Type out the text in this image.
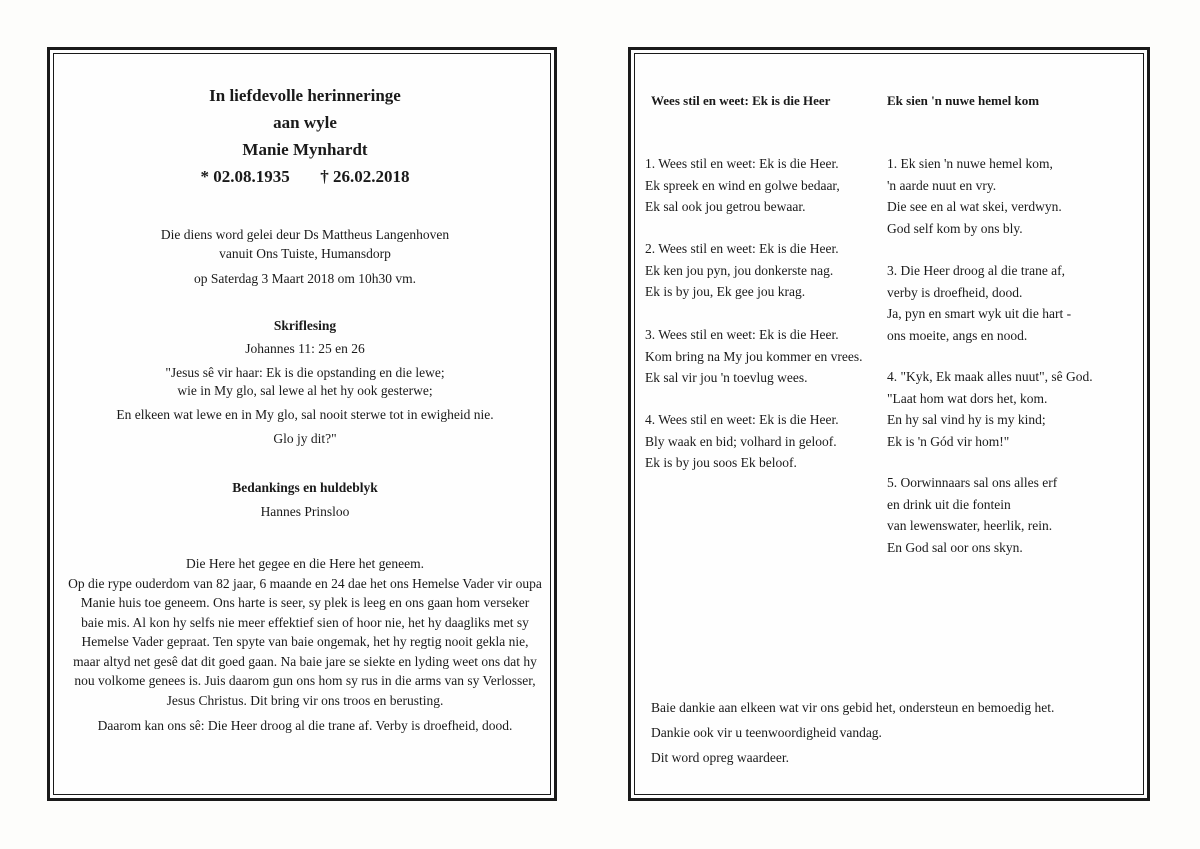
In liefdevolle herinneringe
aan wyle
Manie Mynhardt
* 02.08.1935 † 26.02.2018
Die diens word gelei deur Ds Mattheus Langenhoven
vanuit Ons Tuiste, Humansdorp
op Saterdag 3 Maart 2018 om 10h30 vm.
Skriflesing

Johannes 11: 25 en 26

"Jesus sê vir haar: Ek is die opstanding en die lewe;
wie in My glo, sal lewe al het hy ook gesterwe;

En elkeen wat lewe en in My glo, sal nooit sterwe tot in ewigheid nie.

Glo jy dit?"

Bedankings en huldeblyk
Hannes Prinsloo

Die Here het gegee en die Here het geneem.
Op die rype ouderdom van 82 jaar, 6 maande en 24 dae het ons Hemelse Vader vir oupa Manie huis toe geneem. Ons harte is seer, sy plek is leeg en ons gaan hom verseker baie mis. Al kon hy selfs nie meer effektief sien of hoor nie, het hy daagliks met sy Hemelse Vader gepraat. Ten spyte van baie ongemak, het hy regtig nooit gekla nie, maar altyd net gesê dat dit goed gaan. Na baie jare se siekte en lyding weet ons dat hy nou volkome genees is. Juis daarom gun ons hom sy rus in die arms van sy Verlosser, Jesus Christus. Dit bring vir ons troos en berusting.

Daarom kan ons sê: Die Heer droog al die trane af. Verby is droefheid, dood.

Wees stil en weet: Ek is die Heer	Ek sien 'n nuwe hemel kom
1. Wees stil en weet: Ek is die Heer.
Ek spreek en wind en golwe bedaar,
Ek sal ook jou getrou bewaar.
2. Wees stil en weet: Ek is die Heer.
Ek ken jou pyn, jou donkerste nag.
Ek is by jou, Ek gee jou krag.
3. Wees stil en weet: Ek is die Heer.
Kom bring na My jou kommer en vrees.
Ek sal vir jou 'n toevlug wees.
4. Wees stil en weet: Ek is die Heer.
Bly waak en bid; volhard in geloof.
Ek is by jou soos Ek beloof.
1. Ek sien 'n nuwe hemel kom,
'n aarde nuut en vry.
Die see en al wat skei, verdwyn.
God self kom by ons bly.
3. Die Heer droog al die trane af,
verby is droefheid, dood.
Ja, pyn en smart wyk uit die hart -
ons moeite, angs en nood.
4. "Kyk, Ek maak alles nuut", sê God.
"Laat hom wat dors het, kom.
En hy sal vind hy is my kind;
Ek is 'n Gód vir hom!"
5. Oorwinnaars sal ons alles erf
en drink uit die fontein
van lewenswater, heerlik, rein.
En God sal oor ons skyn.
Baie dankie aan elkeen wat vir ons gebid het, ondersteun en bemoedig het.
Dankie ook vir u teenwoordigheid vandag.
Dit word opreg waardeer.
